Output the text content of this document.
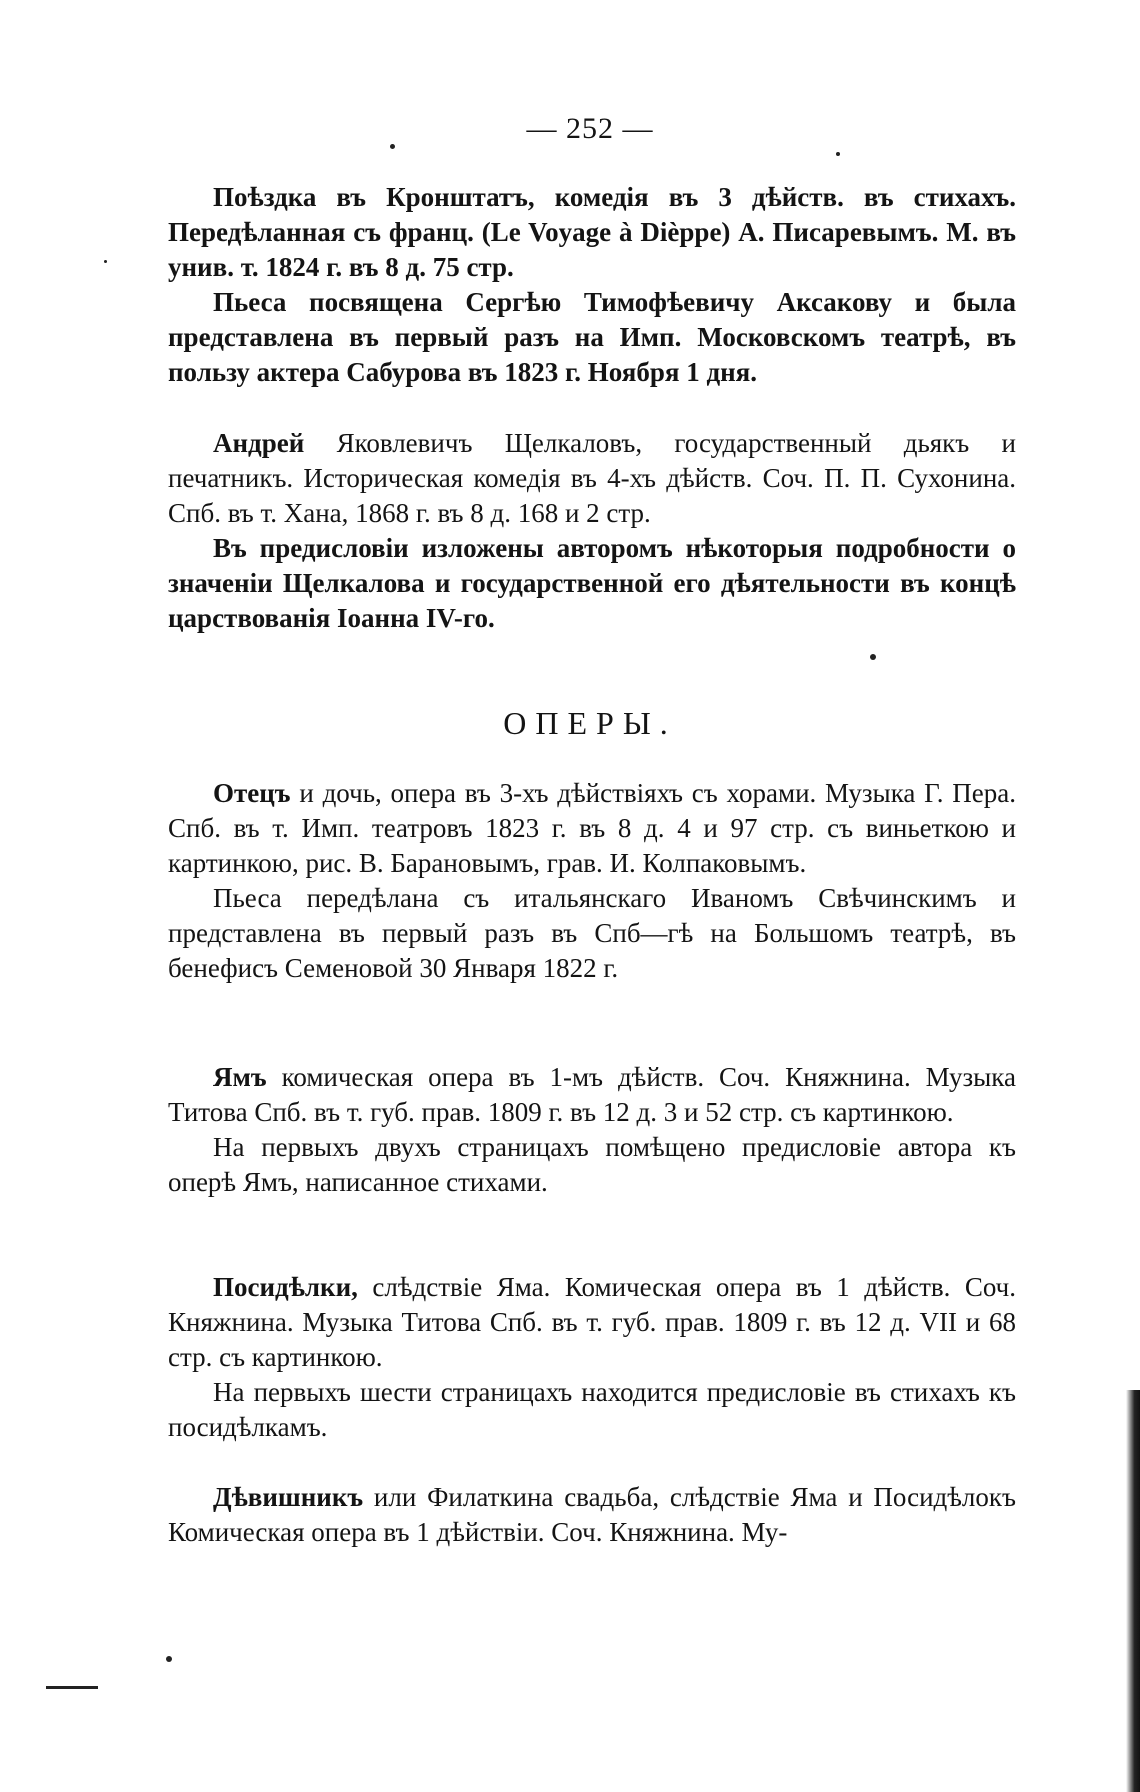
— 252 —

Поѣздка въ Кронштатъ, комедія въ 3 дѣйств. въ стихахъ. Передѣланная съ франц. (Le Voyage à Dièppe) А. Писаревымъ. М. въ унив. т. 1824 г. въ 8 д. 75 стр.

Пьеса посвящена Сергѣю Тимофѣевичу Аксакову и была представлена въ первый разъ на Имп. Московскомъ театрѣ, въ пользу актера Сабурова въ 1823 г. Ноября 1 дня.

Андрей Яковлевичъ Щелкаловъ, государственный дьякъ и печатникъ. Историческая комедія въ 4-хъ дѣйств. Соч. П. П. Сухонина. Спб. въ т. Хана, 1868 г. въ 8 д. 168 и 2 стр.

Въ предисловіи изложены авторомъ нѣкоторыя подробности о значеніи Щелкалова и государственной его дѣятельности въ концѣ царствованія Іоанна IV-го.

ОПЕРЫ.

Отецъ и дочь, опера въ 3-хъ дѣйствіяхъ съ хорами. Музыка Г. Пера. Спб. въ т. Имп. театровъ 1823 г. въ 8 д. 4 и 97 стр. съ виньеткою и картинкою, рис. В. Барановымъ, грав. И. Колпаковымъ.

Пьеса передѣлана съ итальянскаго Иваномъ Свѣчинскимъ и представлена въ первый разъ въ Спб—гѣ на Большомъ театрѣ, въ бенефисъ Семеновой 30 Января 1822 г.

Ямъ комическая опера въ 1-мъ дѣйств. Соч. Княжнина. Музыка Титова Спб. въ т. губ. прав. 1809 г. въ 12 д. 3 и 52 стр. съ картинкою.

На первыхъ двухъ страницахъ помѣщено предисловіе автора къ оперѣ Ямъ, написанное стихами.

Посидѣлки, слѣдствіе Яма. Комическая опера въ 1 дѣйств. Соч. Княжнина. Музыка Титова Спб. въ т. губ. прав. 1809 г. въ 12 д. VII и 68 стр. съ картинкою.

На первыхъ шести страницахъ находится предисловіе въ стихахъ къ посидѣлкамъ.

Дѣвишникъ или Филаткина свадьба, слѣдствіе Яма и Посидѣлокъ Комическая опера въ 1 дѣйствіи. Соч. Княжнина. Му-
